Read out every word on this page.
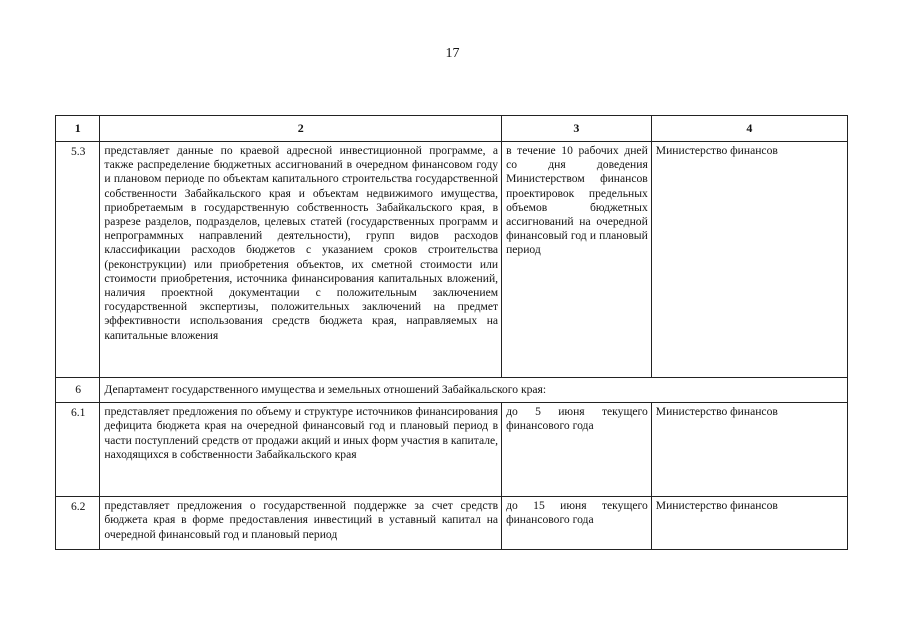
17
1	2	3	4
5.3	представляет данные по краевой адресной инвестиционной программе, а также распределение бюджетных ассигнований в очередном финансовом году и плановом периоде по объектам капитального строительства государственной собственности Забайкальского края и объектам недвижимого имущества, приобретаемым в государственную собственность Забайкальского края, в разрезе разделов, подразделов, целевых статей (государственных программ и непрограммных направлений деятельности), групп видов расходов классификации расходов бюджетов с указанием сроков строительства (реконструкции) или приобретения объектов, их сметной стоимости или стоимости приобретения, источника финансирования капитальных вложений, наличия проектной документации с положительным заключением государственной экспертизы, положительных заключений на предмет эффективности использования средств бюджета края, направляемых на капитальные вложения	в течение 10 рабочих дней со дня доведения Министерством финансов проектировок предельных объемов бюджетных ассигнований на очередной финансовый год и плановый период	Министерство финансов
6	Департамент государственного имущества и земельных отношений Забайкальского края:		
6.1	представляет предложения по объему и структуре источников финансирования дефицита бюджета края на очередной финансовый год и плановый период в части поступлений средств от продажи акций и иных форм участия в капитале, находящихся в собственности Забайкальского края	до 5 июня текущего финансового года	Министерство финансов
6.2	представляет предложения о государственной поддержке за счет средств бюджета края в форме предоставления инвестиций в уставный капитал на очередной финансовый год и плановый период	до 15 июня текущего финансового года	Министерство финансов
